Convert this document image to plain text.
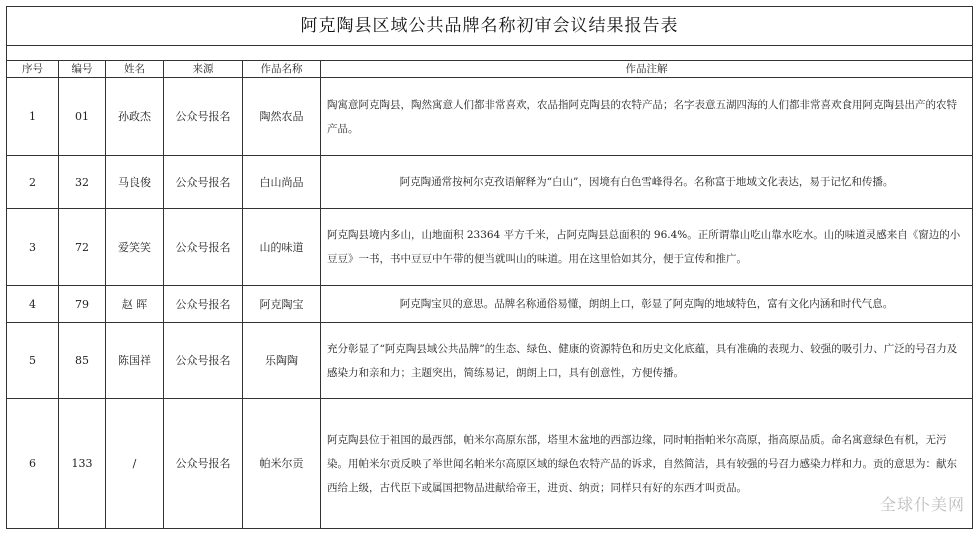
阿克陶县区域公共品牌名称初审会议结果报告表					

序号	编号	姓名	来源	作品名称	作品注解
1	01	孙政杰	公众号报名	陶然农品	陶寓意阿克陶县，陶然寓意人们都非常喜欢，农品指阿克陶县的农特产品；名字表意五湖四海的人们都非常喜欢食用阿克陶县出产的农特产品。
2	32	马良俊	公众号报名	白山尚品	阿克陶通常按柯尔克孜语解释为“白山”，因境有白色雪峰得名。名称富于地域文化表达，易于记忆和传播。
3	72	爱笑笑	公众号报名	山的味道	阿克陶县境内多山，山地面积 23364 平方千米，占阿克陶县总面积的 96.4%。正所谓靠山吃山靠水吃水。山的味道灵感来自《窗边的小豆豆》一书，书中豆豆中午带的便当就叫山的味道。用在这里恰如其分，便于宣传和推广。
4	79	赵 晖	公众号报名	阿克陶宝	阿克陶宝贝的意思。品牌名称通俗易懂，朗朗上口，彰显了阿克陶的地域特色，富有文化内涵和时代气息。
5	85	陈国祥	公众号报名	乐陶陶	充分彰显了“阿克陶县域公共品牌”的生态、绿色、健康的资源特色和历史文化底蕴，具有准确的表现力、较强的吸引力、广泛的号召力及感染力和亲和力；主题突出，简练易记，朗朗上口，具有创意性，方便传播。
6	133	/	公众号报名	帕米尔贡	阿克陶县位于祖国的最西部，帕米尔高原东部，塔里木盆地的西部边缘，同时帕指帕米尔高原，指高原品质。命名寓意绿色有机，无污染。用帕米尔贡反映了举世闻名帕米尔高原区域的绿色农特产品的诉求，自然简洁，具有较强的号召力感染力样和力。贡的意思为：献东西给上级，古代臣下或属国把物品进献给帝王，进贡、纳贡；同样只有好的东西才叫贡品。
全球仆美网
